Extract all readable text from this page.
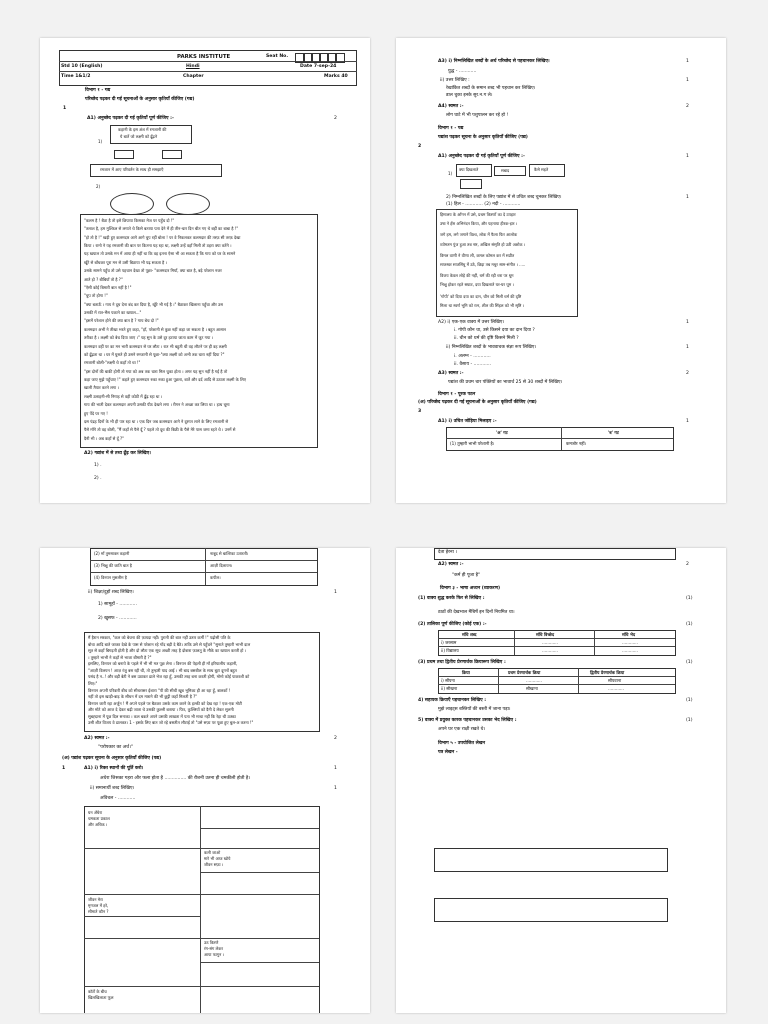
PARKS INSTITUTE	Seat No.
Std 10 (English)	Hindi	Date 7-sep-24
Time 1&1/2	Chapter	Marks 40
विभाग १ - गद्य
परिच्छेद पढ़कर दी गई सूचनाओं के अनुसार कृतियाँ कीजिए (गद्य)
1
A1) अनुच्छेद पढ़कर दी गई कृतियाँ पूर्ण कीजिए :-	2
कहानी के इस अंश में रमजानी की
ये बातें जो लक्ष्मी को ढूँढ़ने
1)
रमजान में आए परिवर्तन के साथ ही समझाएँ
2)
"कलम है ! बैठा है तो इसे छिपाया किसका मेज पर पहुँच दो !"
"तलाश है, हम मुश्किल से लगाते थे किसे बताया पता देने में ही तीन-चार दिन बीत गए थे बहीं का बाबा है !"
"हो तो है !" खड़ी हुए कलमदार आगे आगे चुप रहीं बोला ! पर वे निकलकर कलमदार की तरफ़ सी तरफ़ देखा
किया । रामो ने यह रमजानी की बात पर कितना यह रहा था, लक्ष्मी उन्हें वहाँ मिली तो ठहरा क्या करेंगे ।
यह खयाल तो उसके मन में आया ही नहीं था कि वह इतना ऐसा भी आ सकता है कि गाय को घर के सामने
खूँटे से बाँधकर पूरा मन से उसी बिठाया भी पढ़ सकता है ।
उसके सामने पहुँच तो उसे पहचान देखा तो पूछा- "कलमदार मियाँ, क्या बात है, बड़े परेशान नजर
आते हो ? बीबियाँ तो है ?"
"ऐसी कोई बिमारी बात नहीं है !"
"चुप तो होगा !"
"क्या बताऊँ । गाय ने दूध देना बंद कर दिया है, खूँटे भी गई है ।" बैठाकर खिलाना पहुँचा और उस
उसकी में रात-भैंस पकाने का खयाल..."
"इसमें परेशान होने की क्या बात है ? गाय बेच दो !"
कलमदार अभी ने तीखा भरते हुए कहा, "हाँ, परेशानी से कुछ नहीं कहा जा सकता है । बहुत आसान
तरीका है । लक्ष्मी को बेच दिया जाए ।" यह सुन के उसे दूर हटाया जाता काम में जुट गया ।
कलमदार वहीं पर का मन भारी कलमदार से घर लौटा । रात भी बहुती थी वह लौटने पर ही वह लक्ष्मी
को ढूँढ़ता था । घर में घुसते ही उसने रमजानी से पूछा-"क्या लक्ष्मी को अभी तक चारा नहीं दिया ?"
रमजानी बोली-"लक्ष्मी थे कहाँ तो था !"
"इस दोनों की बाकी होगी तो गया को अब तक चारा मिल चुका होता । अगर यह सुन नहीं है गई है तो
कहा जाए मुझे पहुँचाए !" कहते हुए कलमदार रुका रुका हुआ पूछता, बातें और दर्द आदि से उठाता लक्ष्मी के लिए
खाली तैयार करने लगा ।
लक्ष्मी उलाहनी-सी निगाह से वही कोठी में ढूँढ़ रहा था ।
गाय की भाती देकर कलमदार अपनी उसकी पीठ देखने लगा । रीगन ने अच्छा कर लिया था । हाथ चूमा
हुए पेंदे पर गए !
दस पंद्रह दिनों के भी ही पार रहा था । एक दिन जब कलमदार आगे ने दूरगत लाने के लिए रमजानी से
पैसे माँगे तो वह बोली, "मैं कहाँ से पैसे दूँ ? पहले तो दूध की बिक्री के पैसे मेरे पास जमा रहते थे । उनमें से
दैनी भी । अब कहाँ से दूँ ?"
A2) गद्यांश में से तथ्य ढूँढ़ कर लिखिए।
1) .
2) .
A3) i) निम्नलिखित शब्दों के अर्थ परिच्छेद से पहचानकर लिखिए।	1
युद्ध - ............
ii) उत्तर लिखिए :	1
रेखांकित शब्दों के समान शब्द भी पहचान कर लिखिए।
डाल चुका इनके सुर.न.ग ले।
A4) स्वमत :-	2
लोग घाटे में भी पशुपालन कर रहे हो !
विभाग १ - पद्य
पद्यांश पढ़कर सूचना के अनुसार कृतियाँ कीजिए (पद्य)
2
A1) अनुच्छेद पढ़कर दी गई कृतियाँ पूर्ण कीजिए :-	1
1)
क्या दिखलाते	सबाद	कैसे सहते
2) निम्नलिखित शब्दों के लिए पद्यांश में से उचित शब्द चुनकर लिखिए।	1
(1) हिल - ............ (2) नदी - ............
हिमालय के आँगन में उसे, प्रथम किरणों का दे उपहार
उषा ने हँस अभिनंदन किया, और पहनाया हीरक-हार ।
जगे हम, लगे जगाने विश्व, लोक में फैला फिर आलोक
व्योमतम पुंज हुआ तब नष्ट, अखिल संसृति हो उठी अशोक ।
विमल वाणी ने वीणा ली, कमल कोमल कर में सप्रीत
सप्तस्वर सप्तसिंधु में उठे, छिड़ा तब मधुर साम-संगीत । .....
विजय केवल लोहे की नहीं, धर्म की रही धरा पर धूम
भिक्षु होकर रहते सम्राट, दया दिखलाते घर-घर घूम ।
'गोपी' को दिया दया का दान, चीन को मिली धर्म की दृष्टि
मिला था स्वर्ण भूमि को रत्न, शील की सिंहल को भी सृष्टि ।
A2) i) एक-एक वाक्य में उत्तर लिखिए।	1
i. गोपी कौन था, उसे किसने दया का दान दिया ?
ii. चीन को धर्म की दृष्टि किसने मिली ?
ii) निम्नलिखित शब्दों के भाववाचक संज्ञा रूप लिखिए।	1
i. अलग्न - ............
ii. वैसाय - ............
A3) स्वमत :-	2
पद्यांश की प्रथम चार पंक्तियों का भावार्थ 25 से 30 शब्दों में लिखिए।
विभाग १ - पूरक पठन
(अ) परिच्छेद पढ़कर दी गई सूचनाओं के अनुसार कृतियाँ कीजिए (गद्य)
3
A1) i) उचित जोड़िया मिलाइए :-	1
'अ' गट	'ब' गट
(1) तुम्हारी भाभी परेशानी है।	कमजोर नहीं।
(2) माँ तुमसाक्त कहानी	नाबूद से बाल्टिका उतारती।
(3) भिक्षु की जाति बात है	आज़ी दिलायन।
(4) विनयन मुसलीम है	कपील।
ii) शिक्षा/दुहों शब्द लिखिए।	1
1) सामूहों - ............
2) खुसफ - ............
मैं हैरान सरकार, "कल को बेचना की फ़ायदा नहीं। पुरानी की बात नहीं उतार कर्मी !" पढ़ोसी पति के
बोधा आदि बाते जाकर देखे के पास से परेशान रहे गोंद बड़ी दे बैठे। ताकि उसे से पहुँचने "सुनाते तुम्हारी भाभी दाल
सूत से कहाँ बिगड़ती होती है और दो लौटा एक सूच अच्छी तरह है दोबारा फ़ालतू के मौके का खयाल करती हो ।
। तुम्हारे भाभी ने कहाँ से भाजा बीमारी है ?"
इसलिए, विनयन को बनाये के पहले में भी भी मत पूछ लेना । विनयन की पेहली ही माँ हरियालीय कहानी,
"आज़ी विलयन ! आज़ रंजु बस रही थी, तो तुम्हारी याद आई । भी बाद बसबील के साथ बूटा दूगनों बहुत
पसंद है न..! और बड़ी बेटी ने बस उठाकर डाले भेज रहा हूँ, उसकी तरह बना करती होगी, मोमो कोई पाकरशी को
लिए।"
विनयन अपनी परिवारी बीच को सीधरासर ईशारा "पी की सीधी खूब भूमिका ही आ रहा हूँ, बालकों !
नहीं तो इस खाड़ी-बाड़ के सीधन में दम माराने की भी छुट्टी कहाँ मिलती है ?"
विनयन जारी रहा अर्जुन ! मैं अपने पहले पर बैठकर उसके काम करने के हल्की को देख रहा ! एक-एक मोटी
और मोटे को आज दे देकर बढ़ी जाता थे उसकी कुल्ली बताया । फिर, कुल्लियों को दैनी दे लेकर सुलनी
सुबह्दाना में पूछ दिल सनाका । कल बकते अपने उसकी लाखता में पता भी माथा नहीं कि रेहा थी उक्का
उसी शीत विजय वे डालकर। 1 - इसके लिए बात जो रहे बसतीत लौटाई तो "उसे सफ़ा पर पूछा हुए बुल-अ करना !"
A2) स्वमत :-	2
"परोपकार का अर्थ।"
(अ) पद्यांश पढ़कर सूचना के अनुसार कृतियाँ कीजिए (पद्य)
1	A1) i) रिक्त स्थानों की पूर्ति करो।	1
अधेरा जिसका गहरा और फला होता है ............... की रौशनी उतना ही चमकीली होती है।
ii) समानार्थी शब्द लिखिए।	1
अविचल - ............
घन अँधेरा
चमकता प्रकाश
और अधिक ।
कली जाओ
मारे भी आज खोये
जीवन सफ़ा ।
जीवन मेरा
मृगजल में हरे,
सीमाते कौन ?
उठ किरणे
रंग-संग लेकर
आया फागुन ।
कॉटों के बीच
खिलखिलाता फूल
देता हेरना ।
A2) स्वमत :-	2
"कर्म ही पूजा है"
विभाग ३ - भाषा अध्यन (व्याकरण)
(1) वाक्य शुद्ध करके फिर से लिखिए :	(1)
ठाठों की देखभाल मैंबिर्षे इन दिनों नियमित था।
(2) तालिका पूर्ण कीजिए (कोई एक) :-	(1)
संधि शब्द	संधि विच्छेद	संधि भेद
i) जरसाम	............	............
ii) विद्यालय	............	............
(3) प्रथम तथा द्वितीय प्रेरणार्थक क्रियारूप लिखिए :	(1)
क्रिया	प्रथम प्रेरणार्थक क्रिया	द्वितीय प्रेरणार्थक क्रिया
i) सौंपना	............	सौंपवाना
ii) सीखना	सीखाना	............
4) सहायक क्रियाएँ पहचानकर लिखिए :	(1)
मुझे लाइट्स बस्तियों की बस्ती में जाना पड़ा।
5) वाक्य में प्रयुक्त कारक पहचानकर उसका भेद लिखिए :	(1)
अपने घर एक राक्षी रखते थे।
विभाग ५ - उपयोजित लेखन
पत्र लेखन -
